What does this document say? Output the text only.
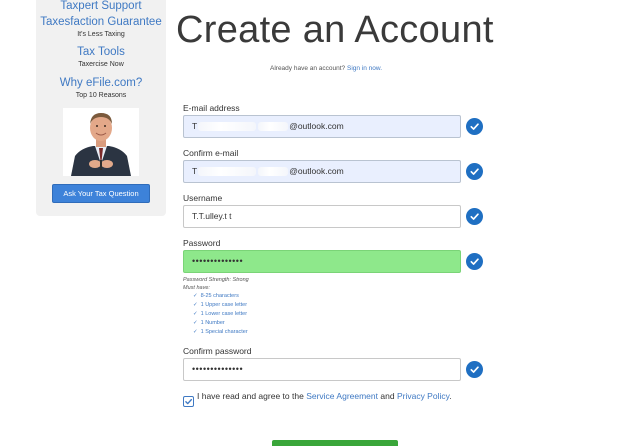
Taxpert Support
Taxesfaction Guarantee
It's Less Taxing
Tax Tools
Taxercise Now
Why eFile.com?
Top 10 Reasons
Ask Your Tax Question
Create an Account
Already have an account? Sign in now.
E-mail address
T	@outlook.com
Confirm e-mail
T	@outlook.com
Username
T.T.ulley.t t
Password
••••••••••••••
Password Strength: Strong
Must have:
✓ 8-25 characters
✓ 1 Upper case letter
✓ 1 Lower case letter
✓ 1 Number
✓ 1 Special character
Confirm password
••••••••••••••
I have read and agree to the Service Agreement and Privacy Policy.
